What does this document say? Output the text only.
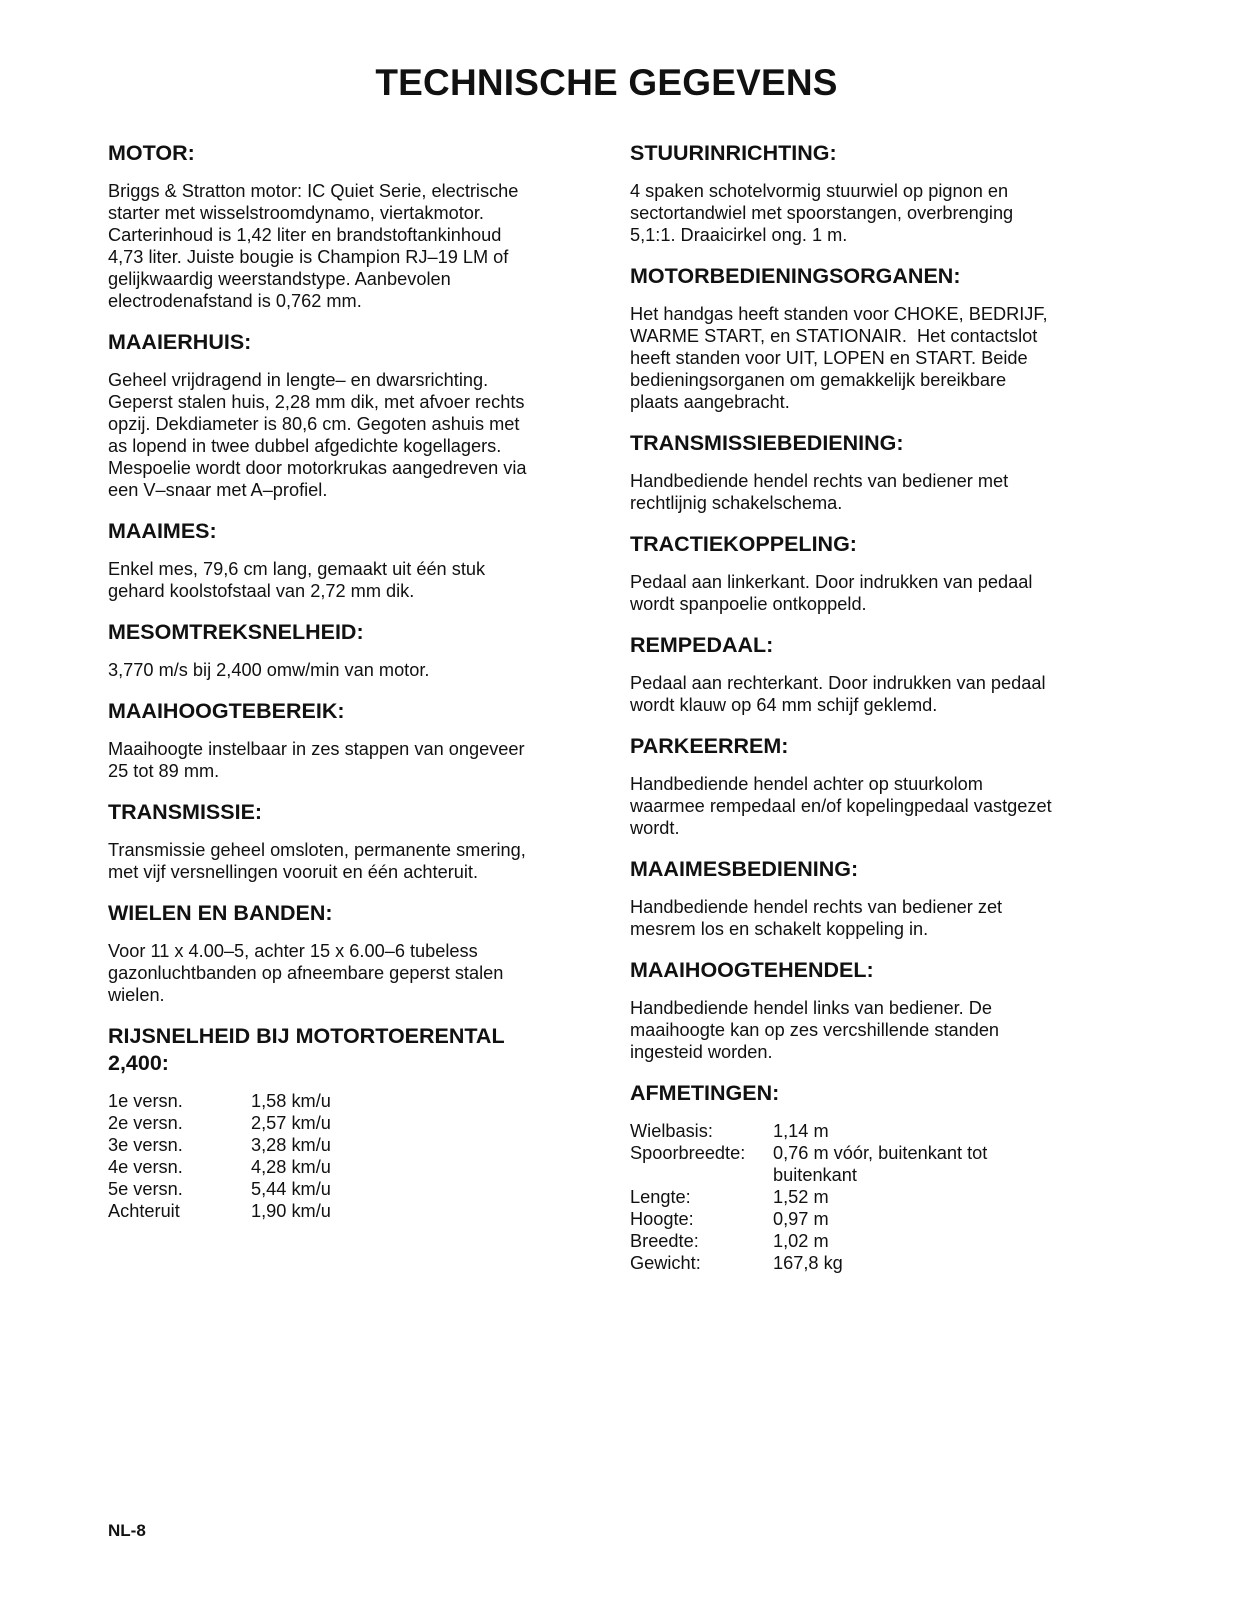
TECHNISCHE GEGEVENS
MOTOR:

Briggs & Stratton motor: IC Quiet Serie, electrische
starter met wisselstroomdynamo, viertakmotor.
Carterinhoud is 1,42 liter en brandstoftankinhoud
4,73 liter. Juiste bougie is Champion RJ–19 LM of
gelijkwaardig weerstandstype. Aanbevolen
electrodenafstand is 0,762 mm.

MAAIERHUIS:

Geheel vrijdragend in lengte– en dwarsrichting.
Geperst stalen huis, 2,28 mm dik, met afvoer rechts
opzij. Dekdiameter is 80,6 cm. Gegoten ashuis met
as lopend in twee dubbel afgedichte kogellagers.
Mespoelie wordt door motorkrukas aangedreven via
een V–snaar met A–profiel.

MAAIMES:

Enkel mes, 79,6 cm lang, gemaakt uit één stuk
gehard koolstofstaal van 2,72 mm dik.

MESOMTREKSNELHEID:

3,770 m/s bij 2,400 omw/min van motor.

MAAIHOOGTEBEREIK:

Maaihoogte instelbaar in zes stappen van ongeveer
25 tot 89 mm.

TRANSMISSIE:

Transmissie geheel omsloten, permanente smering,
met vijf versnellingen vooruit en één achteruit.

WIELEN EN BANDEN:

Voor 11 x 4.00–5, achter 15 x 6.00–6 tubeless
gazonluchtbanden op afneembare geperst stalen
wielen.

RIJSNELHEID BIJ MOTORTOERENTAL
2,400:
1e versn.	1,58 km/u
2e versn.	2,57 km/u
3e versn.	3,28 km/u
4e versn.	4,28 km/u
5e versn.	5,44 km/u
Achteruit	1,90 km/u
STUURINRICHTING:

4 spaken schotelvormig stuurwiel op pignon en
sectortandwiel met spoorstangen, overbrenging
5,1:1. Draaicirkel ong. 1 m.

MOTORBEDIENINGSORGANEN:

Het handgas heeft standen voor CHOKE, BEDRIJF,
WARME START, en STATIONAIR.  Het contactslot
heeft standen voor UIT, LOPEN en START. Beide
bedieningsorganen om gemakkelijk bereikbare
plaats aangebracht.

TRANSMISSIEBEDIENING:

Handbediende hendel rechts van bediener met
rechtlijnig schakelschema.

TRACTIEKOPPELING:

Pedaal aan linkerkant. Door indrukken van pedaal
wordt spanpoelie ontkoppeld.

REMPEDAAL:

Pedaal aan rechterkant. Door indrukken van pedaal
wordt klauw op 64 mm schijf geklemd.

PARKEERREM:

Handbediende hendel achter op stuurkolom
waarmee rempedaal en/of kopelingpedaal vastgezet
wordt.

MAAIMESBEDIENING:

Handbediende hendel rechts van bediener zet
mesrem los en schakelt koppeling in.

MAAIHOOGTEHENDEL:

Handbediende hendel links van bediener. De
maaihoogte kan op zes vercshillende standen
ingesteid worden.

AFMETINGEN:
Wielbasis:	1,14 m
Spoorbreedte:	0,76 m vóór, buitenkant tot buitenkant
Lengte:	1,52 m
Hoogte:	0,97 m
Breedte:	1,02 m
Gewicht:	167,8 kg
NL-8
